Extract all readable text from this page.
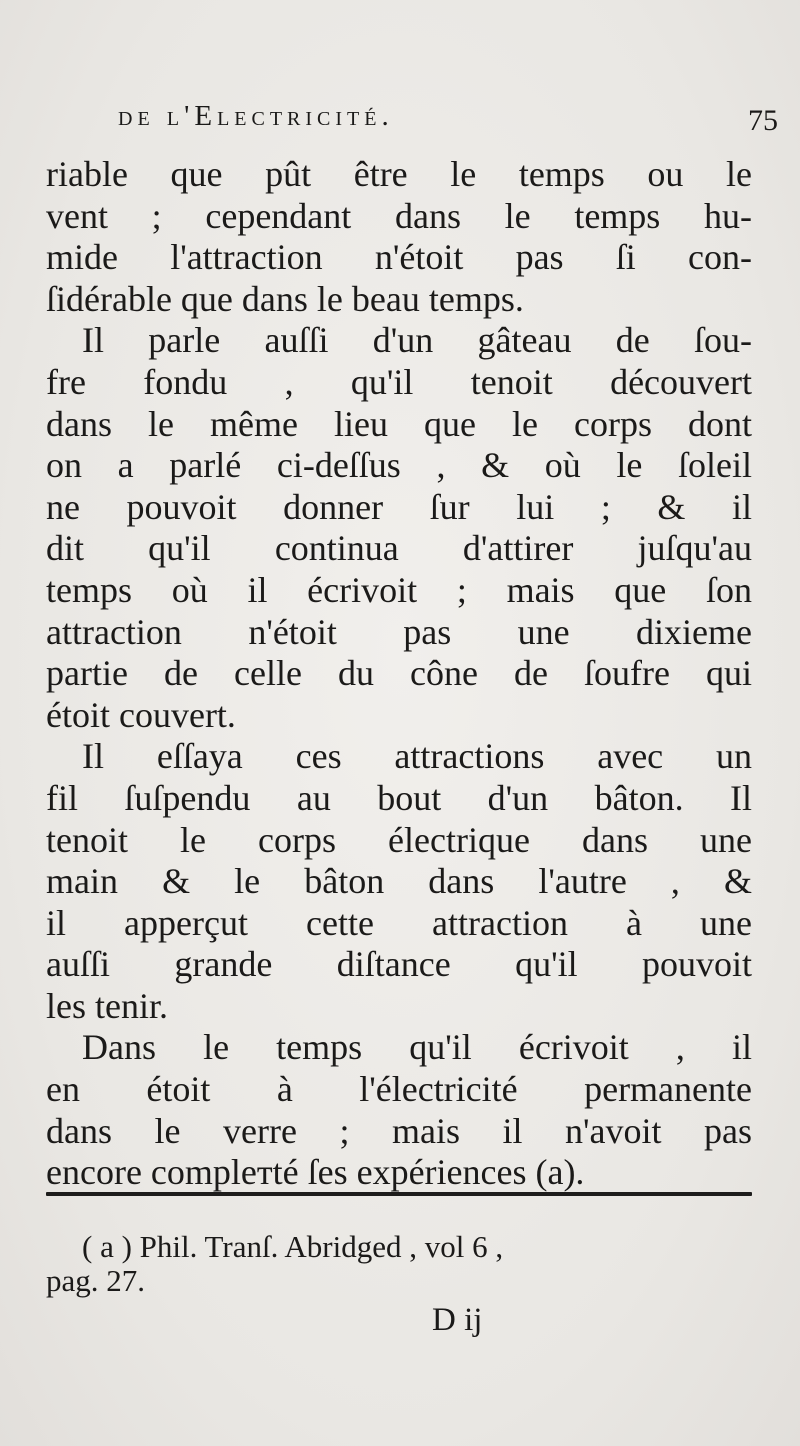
de l'Electricité.	75
riable que pût être le temps ou le
vent ; cependant dans le temps hu-
mide l'attraction n'étoit pas ſi con-
ſidérable que dans le beau temps.
Il parle auſſi d'un gâteau de ſou-
fre fondu , qu'il tenoit découvert
dans le même lieu que le corps dont
on a parlé ci-deſſus , & où le ſoleil
ne pouvoit donner ſur lui ; & il
dit qu'il continua d'attirer juſqu'au
temps où il écrivoit ; mais que ſon
attraction n'étoit pas une dixieme
partie de celle du cône de ſoufre qui
étoit couvert.
Il eſſaya ces attractions avec un
fil ſuſpendu au bout d'un bâton. Il
tenoit le corps électrique dans une
main & le bâton dans l'autre , &
il apperçut cette attraction à une
auſſi grande diſtance qu'il pouvoit
les tenir.
Dans le temps qu'il écrivoit , il
en étoit à l'électricité permanente
dans le verre ; mais il n'avoit pas
encore complетté ſes expériences (a).
( a ) Phil. Tranſ. Abridged , vol 6 ,
pag. 27.
D ij
